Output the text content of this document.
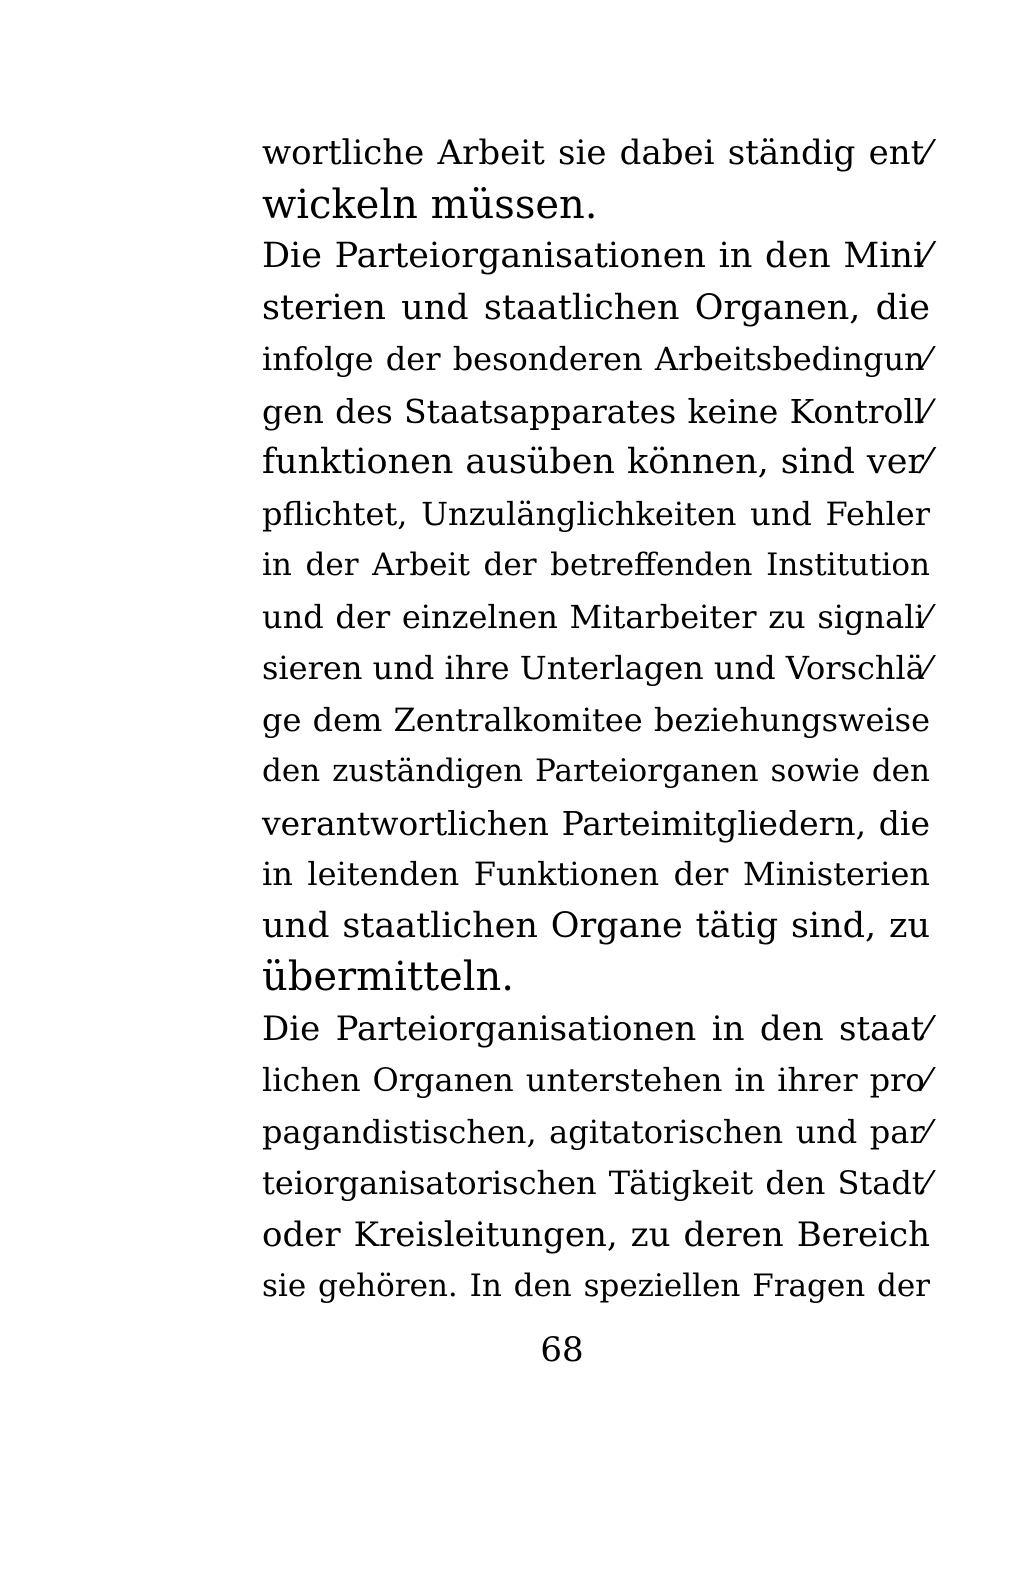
wortliche Arbeit sie dabei ständig ent⁄
wickeln müssen.
Die Parteiorganisationen in den Mini⁄
sterien und staatlichen Organen, die
infolge der besonderen Arbeitsbedingun⁄
gen des Staatsapparates keine Kontroll⁄
funktionen ausüben können, sind ver⁄
pflichtet, Unzulänglichkeiten und Fehler
in der Arbeit der betreffenden Institution
und der einzelnen Mitarbeiter zu signali⁄
sieren und ihre Unterlagen und Vorschlä⁄
ge dem Zentralkomitee beziehungsweise
den zuständigen Parteiorganen sowie den
verantwortlichen Parteimitgliedern, die
in leitenden Funktionen der Ministerien
und staatlichen Organe tätig sind, zu
übermitteln.
Die Parteiorganisationen in den staat⁄
lichen Organen unterstehen in ihrer pro⁄
pagandistischen, agitatorischen und par⁄
teiorganisatorischen Tätigkeit den Stadt⁄
oder Kreisleitungen, zu deren Bereich
sie gehören. In den speziellen Fragen der
68
